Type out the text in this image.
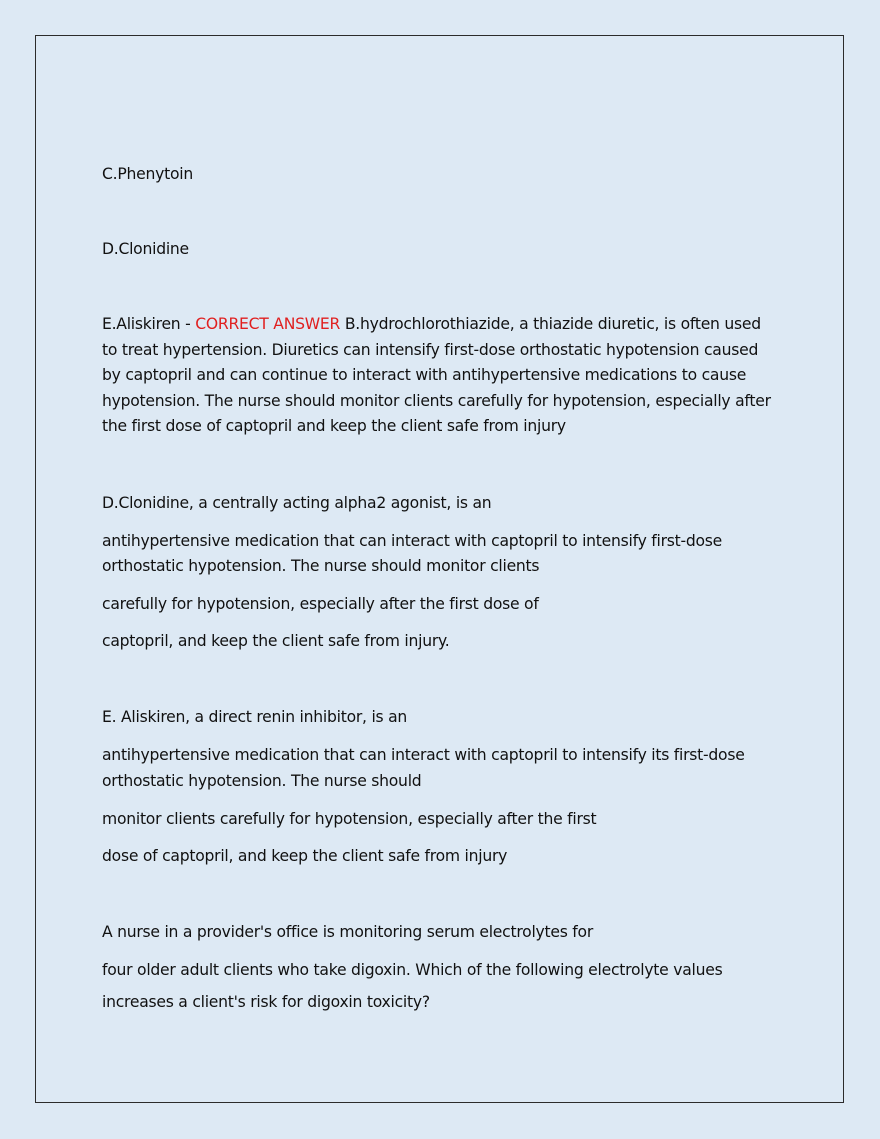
C.Phenytoin
D.Clonidine
E.Aliskiren - CORRECT ANSWER B.hydrochlorothiazide, a thiazide diuretic, is often used
to treat hypertension. Diuretics can intensify first-dose orthostatic hypotension caused
by captopril and can continue to interact with antihypertensive medications to cause
hypotension. The nurse should monitor clients carefully for hypotension, especially after
the first dose of captopril and keep the client safe from injury
D.Clonidine, a centrally acting alpha2 agonist, is an
antihypertensive medication that can interact with captopril to intensify first-dose
orthostatic hypotension. The nurse should monitor clients
carefully for hypotension, especially after the first dose of
captopril, and keep the client safe from injury.
E. Aliskiren, a direct renin inhibitor, is an
antihypertensive medication that can interact with captopril to intensify its first-dose
orthostatic hypotension. The nurse should
monitor clients carefully for hypotension, especially after the first
dose of captopril, and keep the client safe from injury
A nurse in a provider's office is monitoring serum electrolytes for
four older adult clients who take digoxin. Which of the following electrolyte values
increases a client's risk for digoxin toxicity?
